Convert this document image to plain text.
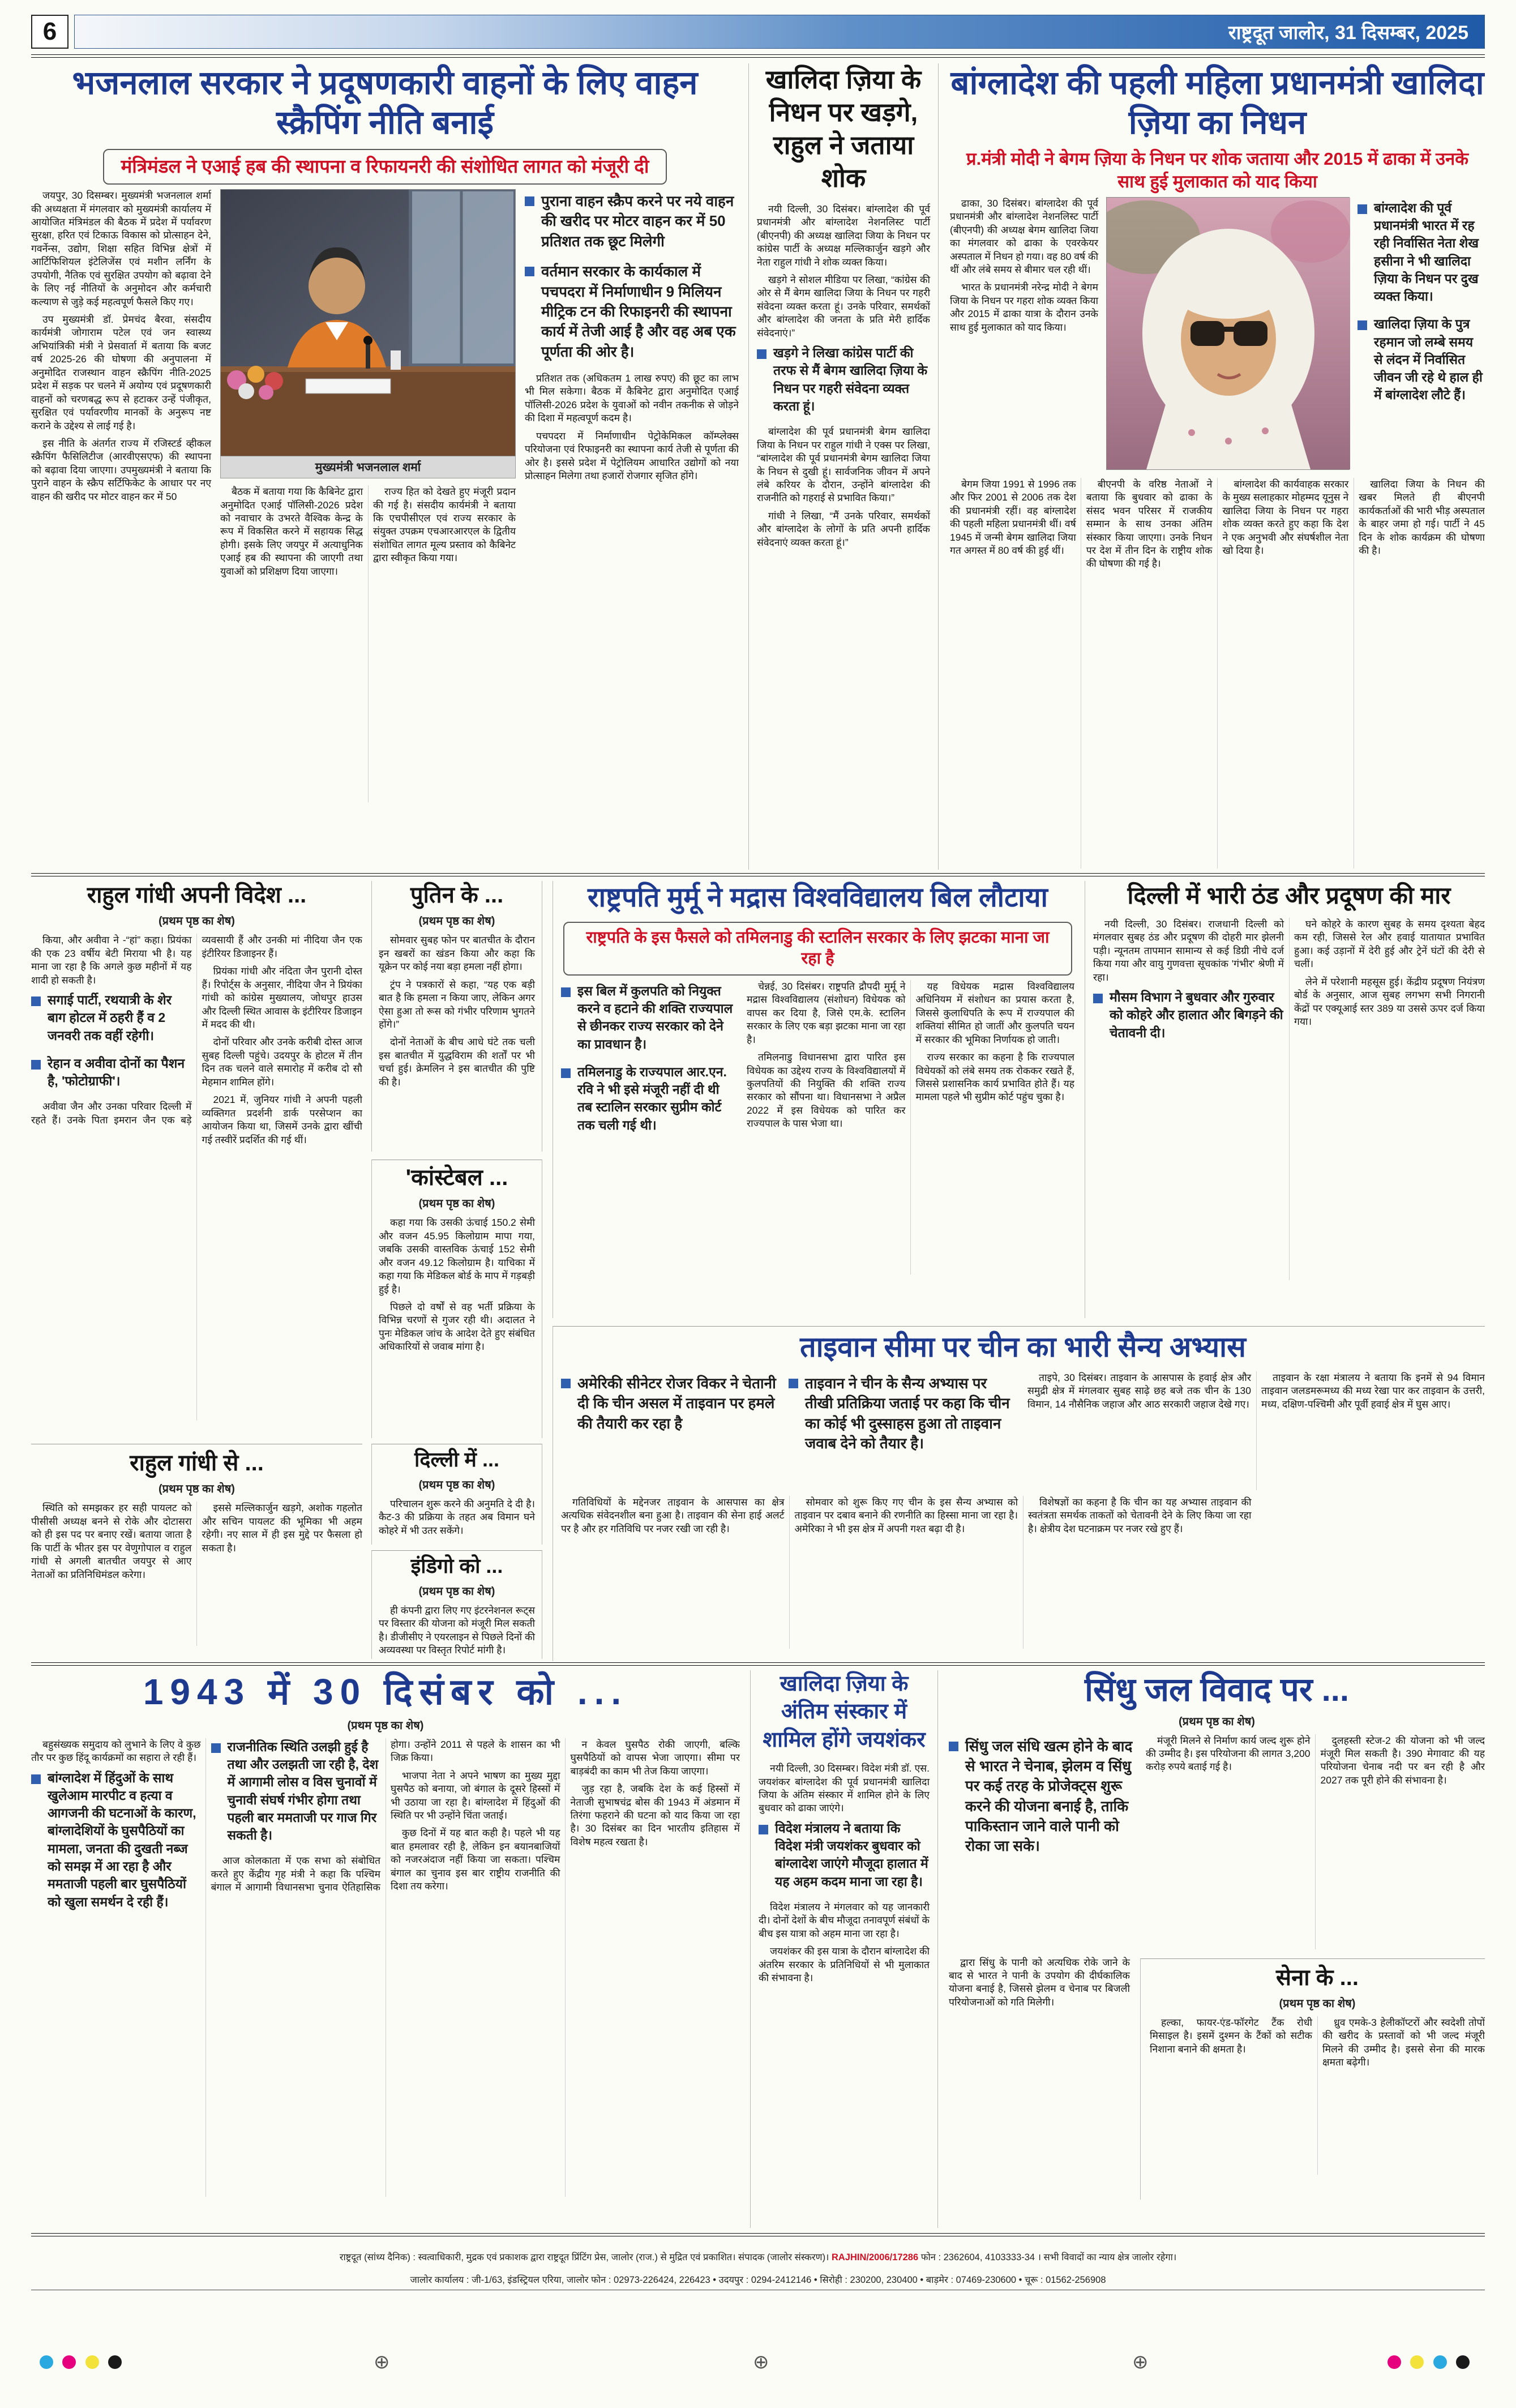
6	राष्ट्रदूत जालोर, 31 दिसम्बर, 2025
भजनलाल सरकार ने प्रदूषणकारी वाहनों के लिए वाहन स्क्रैपिंग नीति बनाई
मंत्रिमंडल ने एआई हब की स्थापना व रिफायनरी की संशोधित लागत को मंजूरी दी

जयपुर, 30 दिसम्बर। मुख्यमंत्री भजनलाल शर्मा की अध्यक्षता में मंगलवार को मुख्यमंत्री कार्यालय में आयोजित मंत्रिमंडल की बैठक में प्रदेश में पर्यावरण सुरक्षा, हरित एवं टिकाऊ विकास को प्रोत्साहन देने, गवर्नेन्स, उद्योग, शिक्षा सहित विभिन्न क्षेत्रों में आर्टिफिशियल इंटेलिजेंस एवं मशीन लर्निंग के उपयोगी, नैतिक एवं सुरक्षित उपयोग को बढ़ावा देने के लिए नई नीतियों के अनुमोदन और कर्मचारी कल्याण से जुड़े कई महत्वपूर्ण फैसले किए गए।

उप मुख्यमंत्री डॉ. प्रेमचंद बैरवा, संसदीय कार्यमंत्री जोगाराम पटेल एवं जन स्वास्थ्य अभियांत्रिकी मंत्री ने प्रेसवार्ता में बताया कि बजट वर्ष 2025-26 की घोषणा की अनुपालना में अनुमोदित राजस्थान वाहन स्क्रैपिंग नीति-2025 प्रदेश में सड़क पर चलने में अयोग्य एवं प्रदूषणकारी वाहनों को चरणबद्ध रूप से हटाकर उन्हें पंजीकृत, सुरक्षित एवं पर्यावरणीय मानकों के अनुरूप नष्ट कराने के उद्देश्य से लाई गई है।

इस नीति के अंतर्गत राज्य में रजिस्टर्ड व्हीकल स्क्रैपिंग फैसिलिटीज (आरवीएसएफ) की स्थापना को बढ़ावा दिया जाएगा। उपमुख्यमंत्री ने बताया कि पुराने वाहन के स्क्रैप सर्टिफिकेट के आधार पर नए वाहन की खरीद पर मोटर वाहन कर में 50

मुख्यमंत्री भजनलाल शर्मा

बैठक में बताया गया कि कैबिनेट द्वारा अनुमोदित एआई पॉलिसी-2026 प्रदेश को नवाचार के उभरते वैश्विक केन्द्र के रूप में विकसित करने में सहायक सिद्ध होगी। इसके लिए जयपुर में अत्याधुनिक एआई हब की स्थापना की जाएगी तथा युवाओं को प्रशिक्षण दिया जाएगा।

राज्य हित को देखते हुए मंजूरी प्रदान की गई है। संसदीय कार्यमंत्री ने बताया कि एचपीसीएल एवं राज्य सरकार के संयुक्त उपक्रम एचआरआरएल के द्वितीय संशोधित लागत मूल्य प्रस्ताव को कैबिनेट द्वारा स्वीकृत किया गया।

पुराना वाहन स्क्रैप करने पर नये वाहन की खरीद पर मोटर वाहन कर में 50 प्रतिशत तक छूट मिलेगी
वर्तमान सरकार के कार्यकाल में पचपदरा में निर्माणाधीन 9 मिलियन मीट्रिक टन की रिफाइनरी की स्थापना कार्य में तेजी आई है और वह अब एक पूर्णता की ओर है।

प्रतिशत तक (अधिकतम 1 लाख रुपए) की छूट का लाभ भी मिल सकेगा। बैठक में कैबिनेट द्वारा अनुमोदित एआई पॉलिसी-2026 प्रदेश के युवाओं को नवीन तकनीक से जोड़ने की दिशा में महत्वपूर्ण कदम है।

पचपदरा में निर्माणाधीन पेट्रोकेमिकल कॉम्प्लेक्स परियोजना एवं रिफाइनरी का स्थापना कार्य तेजी से पूर्णता की ओर है। इससे प्रदेश में पेट्रोलियम आधारित उद्योगों को नया प्रोत्साहन मिलेगा तथा हजारों रोजगार सृजित होंगे।

खालिदा ज़िया के निधन पर खड़गे, राहुल ने जताया शोक

नयी दिल्ली, 30 दिसंबर। बांग्लादेश की पूर्व प्रधानमंत्री और बांग्लादेश नेशनलिस्ट पार्टी (बीएनपी) की अध्यक्ष खालिदा जिया के निधन पर कांग्रेस पार्टी के अध्यक्ष मल्लिकार्जुन खड़गे और नेता राहुल गांधी ने शोक व्यक्त किया।

खड़गे ने सोशल मीडिया पर लिखा, “कांग्रेस की ओर से मैं बेगम खालिदा जिया के निधन पर गहरी संवेदना व्यक्त करता हूं। उनके परिवार, समर्थकों और बांग्लादेश की जनता के प्रति मेरी हार्दिक संवेदनाएं।”

खड़गे ने लिखा कांग्रेस पार्टी की तरफ से मैं बेगम खालिदा ज़िया के निधन पर गहरी संवेदना व्यक्त करता हूं।

बांग्लादेश की पूर्व प्रधानमंत्री बेगम खालिदा जिया के निधन पर राहुल गांधी ने एक्स पर लिखा, “बांग्लादेश की पूर्व प्रधानमंत्री बेगम खालिदा जिया के निधन से दुखी हूं। सार्वजनिक जीवन में अपने लंबे करियर के दौरान, उन्होंने बांग्लादेश की राजनीति को गहराई से प्रभावित किया।”

गांधी ने लिखा, “मैं उनके परिवार, समर्थकों और बांग्लादेश के लोगों के प्रति अपनी हार्दिक संवेदनाएं व्यक्त करता हूं।”

बांग्लादेश की पहली महिला प्रधानमंत्री खालिदा ज़िया का निधन
प्र.मंत्री मोदी ने बेगम ज़िया के निधन पर शोक जताया और 2015 में ढाका में उनके साथ हुई मुलाकात को याद किया

ढाका, 30 दिसंबर। बांग्लादेश की पूर्व प्रधानमंत्री और बांग्लादेश नेशनलिस्ट पार्टी (बीएनपी) की अध्यक्ष बेगम खालिदा जिया का मंगलवार को ढाका के एवरकेयर अस्पताल में निधन हो गया। वह 80 वर्ष की थीं और लंबे समय से बीमार चल रही थीं।

भारत के प्रधानमंत्री नरेन्द्र मोदी ने बेगम जिया के निधन पर गहरा शोक व्यक्त किया और 2015 में ढाका यात्रा के दौरान उनके साथ हुई मुलाकात को याद किया।

बांग्लादेश की पूर्व प्रधानमंत्री भारत में रह रही निर्वासित नेता शेख हसीना ने भी खालिदा ज़िया के निधन पर दुख व्यक्त किया।
खालिदा ज़िया के पुत्र रहमान जो लम्बे समय से लंदन में निर्वासित जीवन जी रहे थे हाल ही में बांग्लादेश लौटे हैं।

बेगम जिया 1991 से 1996 तक और फिर 2001 से 2006 तक देश की प्रधानमंत्री रहीं। वह बांग्लादेश की पहली महिला प्रधानमंत्री थीं। वर्ष 1945 में जन्मी बेगम खालिदा जिया गत अगस्त में 80 वर्ष की हुई थीं।

बीएनपी के वरिष्ठ नेताओं ने बताया कि बुधवार को ढाका के संसद भवन परिसर में राजकीय सम्मान के साथ उनका अंतिम संस्कार किया जाएगा। उनके निधन पर देश में तीन दिन के राष्ट्रीय शोक की घोषणा की गई है।

बांग्लादेश की कार्यवाहक सरकार के मुख्य सलाहकार मोहम्मद यूनुस ने खालिदा जिया के निधन पर गहरा शोक व्यक्त करते हुए कहा कि देश ने एक अनुभवी और संघर्षशील नेता खो दिया है।

खालिदा जिया के निधन की खबर मिलते ही बीएनपी कार्यकर्ताओं की भारी भीड़ अस्पताल के बाहर जमा हो गई। पार्टी ने 45 दिन के शोक कार्यक्रम की घोषणा की है।

राहुल गांधी अपनी विदेश ...
(प्रथम पृष्ठ का शेष)

किया, और अवीवा ने -“हां” कहा। प्रियंका की एक 23 वर्षीय बेटी मिराया भी है। यह माना जा रहा है कि अगले कुछ महीनों में यह शादी हो सकती है।

सगाई पार्टी, रथयात्री के शेर बाग होटल में ठहरी हैं व 2 जनवरी तक वहीं रहेगी।
रेहान व अवीवा दोनों का पैशन है, 'फोटोग्राफी'।

अवीवा जैन और उनका परिवार दिल्ली में रहते हैं। उनके पिता इमरान जैन एक बड़े व्यवसायी हैं और उनकी मां नीदिया जैन एक इंटीरियर डिजाइनर हैं।

प्रियंका गांधी और नंदिता जैन पुरानी दोस्त हैं। रिपोर्ट्स के अनुसार, नीदिया जैन ने प्रियंका गांधी को कांग्रेस मुख्यालय, जोधपुर हाउस और दिल्ली स्थित आवास के इंटीरियर डिजाइन में मदद की थी।

दोनों परिवार और उनके करीबी दोस्त आज सुबह दिल्ली पहुंचे। उदयपुर के होटल में तीन दिन तक चलने वाले समारोह में करीब दो सौ मेहमान शामिल होंगे।

2021 में, जुनियर गांधी ने अपनी पहली व्यक्तिगत प्रदर्शनी डार्क परसेप्शन का आयोजन किया था, जिसमें उनके द्वारा खींची गई तस्वीरें प्रदर्शित की गई थीं।

पुतिन के ...
(प्रथम पृष्ठ का शेष)

सोमवार सुबह फोन पर बातचीत के दौरान इन खबरों का खंडन किया और कहा कि यूक्रेन पर कोई नया बड़ा हमला नहीं होगा।

ट्रंप ने पत्रकारों से कहा, “यह एक बड़ी बात है कि हमला न किया जाए, लेकिन अगर ऐसा हुआ तो रूस को गंभीर परिणाम भुगतने होंगे।”

दोनों नेताओं के बीच आधे घंटे तक चली इस बातचीत में युद्धविराम की शर्तों पर भी चर्चा हुई। क्रेमलिन ने इस बातचीत की पुष्टि की है।

'कांस्टेबल ...
(प्रथम पृष्ठ का शेष)

कहा गया कि उसकी ऊंचाई 150.2 सेमी और वजन 45.95 किलोग्राम मापा गया, जबकि उसकी वास्तविक ऊंचाई 152 सेमी और वजन 49.12 किलोग्राम है। याचिका में कहा गया कि मेडिकल बोर्ड के माप में गड़बड़ी हुई है।

पिछले दो वर्षों से वह भर्ती प्रक्रिया के विभिन्न चरणों से गुजर रही थी। अदालत ने पुनः मेडिकल जांच के आदेश देते हुए संबंधित अधिकारियों से जवाब मांगा है।

राष्ट्रपति मुर्मू ने मद्रास विश्वविद्यालय बिल लौटाया
राष्ट्रपति के इस फैसले को तमिलनाडु की स्टालिन सरकार के लिए झटका माना जा रहा है
इस बिल में कुलपति को नियुक्त करने व हटाने की शक्ति राज्यपाल से छीनकर राज्य सरकार को देने का प्रावधान है।
तमिलनाडु के राज्यपाल आर.एन. रवि ने भी इसे मंजूरी नहीं दी थी तब स्टालिन सरकार सुप्रीम कोर्ट तक चली गई थी।

चेन्नई, 30 दिसंबर। राष्ट्रपति द्रौपदी मुर्मू ने मद्रास विश्वविद्यालय (संशोधन) विधेयक को वापस कर दिया है, जिसे एम.के. स्टालिन सरकार के लिए एक बड़ा झटका माना जा रहा है।

तमिलनाडु विधानसभा द्वारा पारित इस विधेयक का उद्देश्य राज्य के विश्वविद्यालयों में कुलपतियों की नियुक्ति की शक्ति राज्य सरकार को सौंपना था। विधानसभा ने अप्रैल 2022 में इस विधेयक को पारित कर राज्यपाल के पास भेजा था।

यह विधेयक मद्रास विश्वविद्यालय अधिनियम में संशोधन का प्रयास करता है, जिससे कुलाधिपति के रूप में राज्यपाल की शक्तियां सीमित हो जातीं और कुलपति चयन में सरकार की भूमिका निर्णायक हो जाती।

राज्य सरकार का कहना है कि राज्यपाल विधेयकों को लंबे समय तक रोककर रखते हैं, जिससे प्रशासनिक कार्य प्रभावित होते हैं। यह मामला पहले भी सुप्रीम कोर्ट पहुंच चुका है।

दिल्ली में भारी ठंड और प्रदूषण की मार

नयी दिल्ली, 30 दिसंबर। राजधानी दिल्ली को मंगलवार सुबह ठंड और प्रदूषण की दोहरी मार झेलनी पड़ी। न्यूनतम तापमान सामान्य से कई डिग्री नीचे दर्ज किया गया और वायु गुणवत्ता सूचकांक 'गंभीर' श्रेणी में रहा।

मौसम विभाग ने बुधवार और गुरुवार को कोहरे और हालात और बिगड़ने की चेतावनी दी।

घने कोहरे के कारण सुबह के समय दृश्यता बेहद कम रही, जिससे रेल और हवाई यातायात प्रभावित हुआ। कई उड़ानों में देरी हुई और ट्रेनें घंटों की देरी से चलीं।

लेने में परेशानी महसूस हुई। केंद्रीय प्रदूषण नियंत्रण बोर्ड के अनुसार, आज सुबह लगभग सभी निगरानी केंद्रों पर एक्यूआई स्तर 389 या उससे ऊपर दर्ज किया गया।

ताइवान सीमा पर चीन का भारी सैन्य अभ्यास
अमेरिकी सीनेटर रोजर विकर ने चेतानी दी कि चीन असल में ताइवान पर हमले की तैयारी कर रहा है
ताइवान ने चीन के सैन्य अभ्यास पर तीखी प्रतिक्रिया जताई पर कहा कि चीन का कोई भी दुस्साहस हुआ तो ताइवान जवाब देने को तैयार है।

ताइपे, 30 दिसंबर। ताइवान के आसपास के हवाई क्षेत्र और समुद्री क्षेत्र में मंगलवार सुबह साढ़े छह बजे तक चीन के 130 विमान, 14 नौसैनिक जहाज और आठ सरकारी जहाज देखे गए।

ताइवान के रक्षा मंत्रालय ने बताया कि इनमें से 94 विमान ताइवान जलडमरूमध्य की मध्य रेखा पार कर ताइवान के उत्तरी, मध्य, दक्षिण-पश्चिमी और पूर्वी हवाई क्षेत्र में घुस आए।

गतिविधियों के मद्देनजर ताइवान के आसपास का क्षेत्र अत्यधिक संवेदनशील बना हुआ है। ताइवान की सेना हाई अलर्ट पर है और हर गतिविधि पर नजर रखी जा रही है।

सोमवार को शुरू किए गए चीन के इस सैन्य अभ्यास को ताइवान पर दबाव बनाने की रणनीति का हिस्सा माना जा रहा है। अमेरिका ने भी इस क्षेत्र में अपनी गश्त बढ़ा दी है।

विशेषज्ञों का कहना है कि चीन का यह अभ्यास ताइवान की स्वतंत्रता समर्थक ताकतों को चेतावनी देने के लिए किया जा रहा है। क्षेत्रीय देश घटनाक्रम पर नजर रखे हुए हैं।

राहुल गांधी से ...
(प्रथम पृष्ठ का शेष)

स्थिति को समझकर हर सही पायलट को पीसीसी अध्यक्ष बनने से रोके और दोटासरा को ही इस पद पर बनाए रखें। बताया जाता है कि पार्टी के भीतर इस पर वेणुगोपाल व राहुल गांधी से अगली बातचीत जयपुर से आए नेताओं का प्रतिनिधिमंडल करेगा।

इससे मल्लिकार्जुन खड़गे, अशोक गहलोत और सचिन पायलट की भूमिका भी अहम रहेगी। नए साल में ही इस मुद्दे पर फैसला हो सकता है।

दिल्ली में ...
(प्रथम पृष्ठ का शेष)

परिचालन शुरू करने की अनुमति दे दी है। कैट-3 की प्रक्रिया के तहत अब विमान घने कोहरे में भी उतर सकेंगे।

इंडिगो को ...
(प्रथम पृष्ठ का शेष)

ही कंपनी द्वारा लिए गए इंटरनेशनल रूट्स पर विस्तार की योजना को मंजूरी मिल सकती है। डीजीसीए ने एयरलाइन से पिछले दिनों की अव्यवस्था पर विस्तृत रिपोर्ट मांगी है।

1943 में 30 दिसंबर को ...
(प्रथम पृष्ठ का शेष)

बहुसंख्यक समुदाय को लुभाने के लिए वे कुछ तौर पर कुछ हिंदू कार्यक्रमों का सहारा ले रही हैं।

बांग्लादेश में हिंदुओं के साथ खुलेआम मारपीट व हत्या व आगजनी की घटनाओं के कारण, बांग्लादेशियों के घुसपैठियों का मामला, जनता की दुखती नब्ज को समझ में आ रहा है और ममताजी पहली बार घुसपैठियों को खुला समर्थन दे रही हैं।
राजनीतिक स्थिति उलझी हुई है तथा और उलझती जा रही है, देश में आगामी लोस व विस चुनावों में चुनावी संघर्ष गंभीर होगा तथा पहली बार ममताजी पर गाज गिर सकती है।

आज कोलकाता में एक सभा को संबोधित करते हुए केंद्रीय गृह मंत्री ने कहा कि पश्चिम बंगाल में आगामी विधानसभा चुनाव ऐतिहासिक होगा। उन्होंने 2011 से पहले के शासन का भी जिक्र किया।

भाजपा नेता ने अपने भाषण का मुख्य मुद्दा घुसपैठ को बनाया, जो बंगाल के दूसरे हिस्सों में भी उठाया जा रहा है। बांग्लादेश में हिंदुओं की स्थिति पर भी उन्होंने चिंता जताई।

कुछ दिनों में यह बात कही है। पहले भी यह बात हमलावर रही है, लेकिन इन बयानबाजियों को नजरअंदाज नहीं किया जा सकता। पश्चिम बंगाल का चुनाव इस बार राष्ट्रीय राजनीति की दिशा तय करेगा।

न केवल घुसपैठ रोकी जाएगी, बल्कि घुसपैठियों को वापस भेजा जाएगा। सीमा पर बाड़बंदी का काम भी तेज किया जाएगा।

जुड़ रहा है, जबकि देश के कई हिस्सों में नेताजी सुभाषचंद्र बोस की 1943 में अंडमान में तिरंगा फहराने की घटना को याद किया जा रहा है। 30 दिसंबर का दिन भारतीय इतिहास में विशेष महत्व रखता है।

खालिदा ज़िया के अंतिम संस्कार में शामिल होंगे जयशंकर

नयी दिल्ली, 30 दिसम्बर। विदेश मंत्री डॉ. एस. जयशंकर बांग्लादेश की पूर्व प्रधानमंत्री खालिदा जिया के अंतिम संस्कार में शामिल होने के लिए बुधवार को ढाका जाएंगे।

विदेश मंत्रालय ने बताया कि विदेश मंत्री जयशंकर बुधवार को बांग्लादेश जाएंगे मौजूदा हालात में यह अहम कदम माना जा रहा है।

विदेश मंत्रालय ने मंगलवार को यह जानकारी दी। दोनों देशों के बीच मौजूदा तनावपूर्ण संबंधों के बीच इस यात्रा को अहम माना जा रहा है।

जयशंकर की इस यात्रा के दौरान बांग्लादेश की अंतरिम सरकार के प्रतिनिधियों से भी मुलाकात की संभावना है।

सिंधु जल विवाद पर ...
(प्रथम पृष्ठ का शेष)
सिंधु जल संधि खत्म होने के बाद से भारत ने चेनाब, झेलम व सिंधु पर कई तरह के प्रोजेक्ट्स शुरू करने की योजना बनाई है, ताकि पाकिस्तान जाने वाले पानी को रोका जा सके।

मंजूरी मिलने से निर्माण कार्य जल्द शुरू होने की उम्मीद है। इस परियोजना की लागत 3,200 करोड़ रुपये बताई गई है।

दुलहस्ती स्टेज-2 की योजना को भी जल्द मंजूरी मिल सकती है। 390 मेगावाट की यह परियोजना चेनाब नदी पर बन रही है और 2027 तक पूरी होने की संभावना है।

द्वारा सिंधु के पानी को अत्यधिक रोके जाने के बाद से भारत ने पानी के उपयोग की दीर्घकालिक योजना बनाई है, जिससे झेलम व चेनाब पर बिजली परियोजनाओं को गति मिलेगी।

सेना के ...
(प्रथम पृष्ठ का शेष)

हल्का, फायर-एंड-फॉरगेट टैंक रोधी मिसाइल है। इसमें दुश्मन के टैंकों को सटीक निशाना बनाने की क्षमता है।

ध्रुव एमके-3 हेलीकॉप्टरों और स्वदेशी तोपों की खरीद के प्रस्तावों को भी जल्द मंजूरी मिलने की उम्मीद है। इससे सेना की मारक क्षमता बढ़ेगी।

राष्ट्रदूत (सांध्य दैनिक) : स्वत्वाधिकारी, मुद्रक एवं प्रकाशक द्वारा राष्ट्रदूत प्रिंटिंग प्रेस, जालोर (राज.) से मुद्रित एवं प्रकाशित। संपादक (जालोर संस्करण)। RAJHIN/2006/17286 फोन : 2362604, 4103333-34 । सभी विवादों का न्याय क्षेत्र जालोर रहेगा।

जालोर कार्यालय : जी-1/63, इंडस्ट्रियल एरिया, जालोर फोन : 02973-226424, 226423 • उदयपुर : 0294-2412146 • सिरोही : 230200, 230400 • बाड़मेर : 07469-230600 • चूरू : 01562-256908

⊕	⊕	⊕
